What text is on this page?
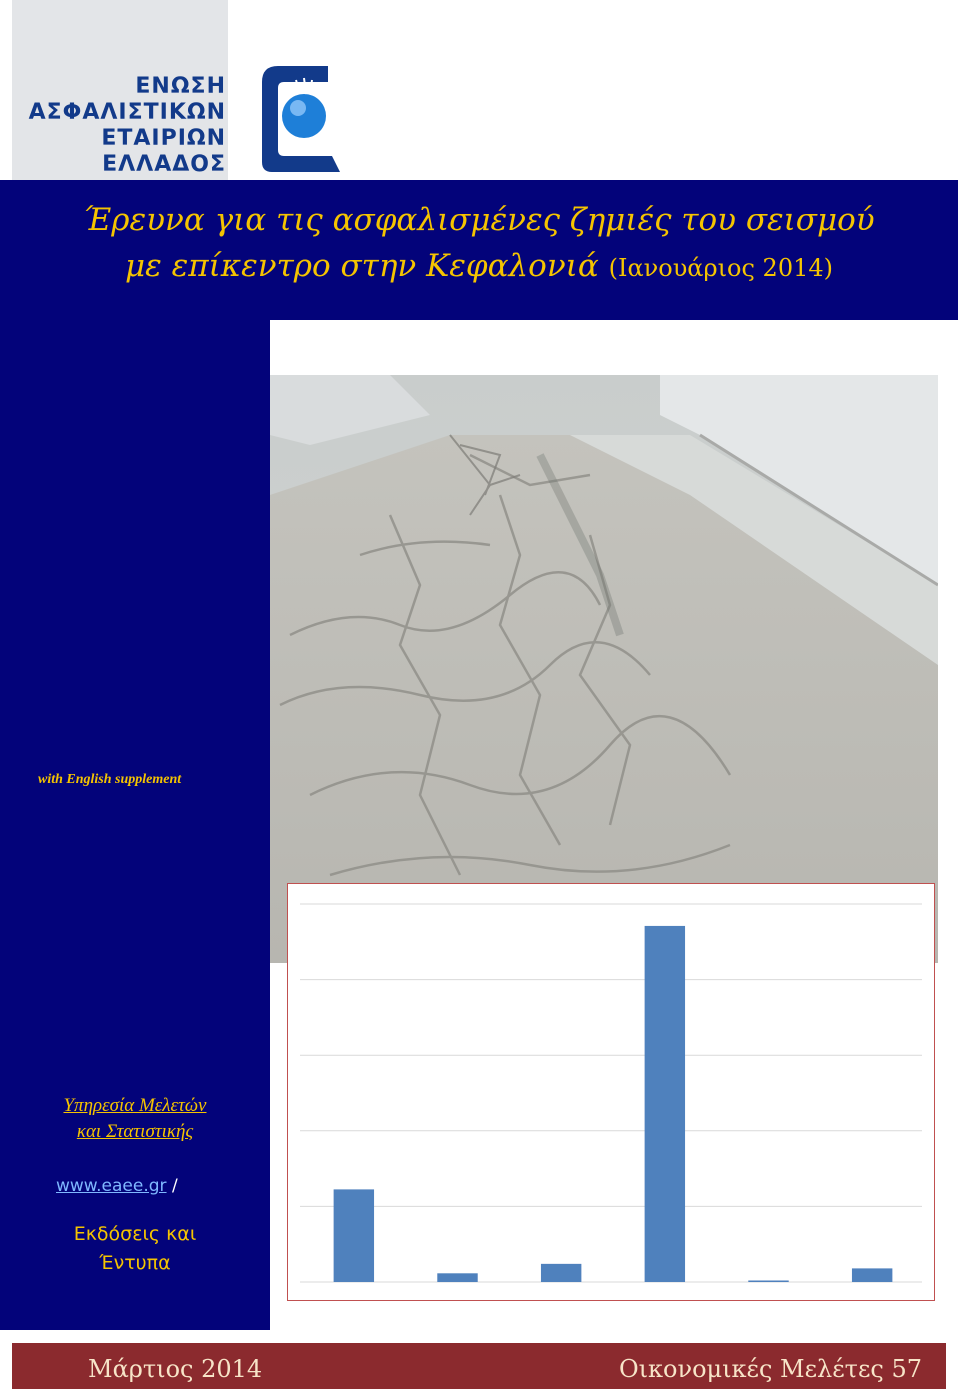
ΕΝΩΣΗ
ΑΣΦΑΛΙΣΤΙΚΩΝ
ΕΤΑΙΡΙΩΝ
ΕΛΛΑΔΟΣ
Έρευνα για τις ασφαλισμένες ζημιές του σεισμού
με επίκεντρο στην Κεφαλονιά (Ιανουάριος 2014)
with English supplement
Υπηρεσία Μελετών
και Στατιστικής
www.eaee.gr /
Εκδόσεις και
Έντυπα
Μάρτιος 2014	Οικονομικές Μελέτες 57
